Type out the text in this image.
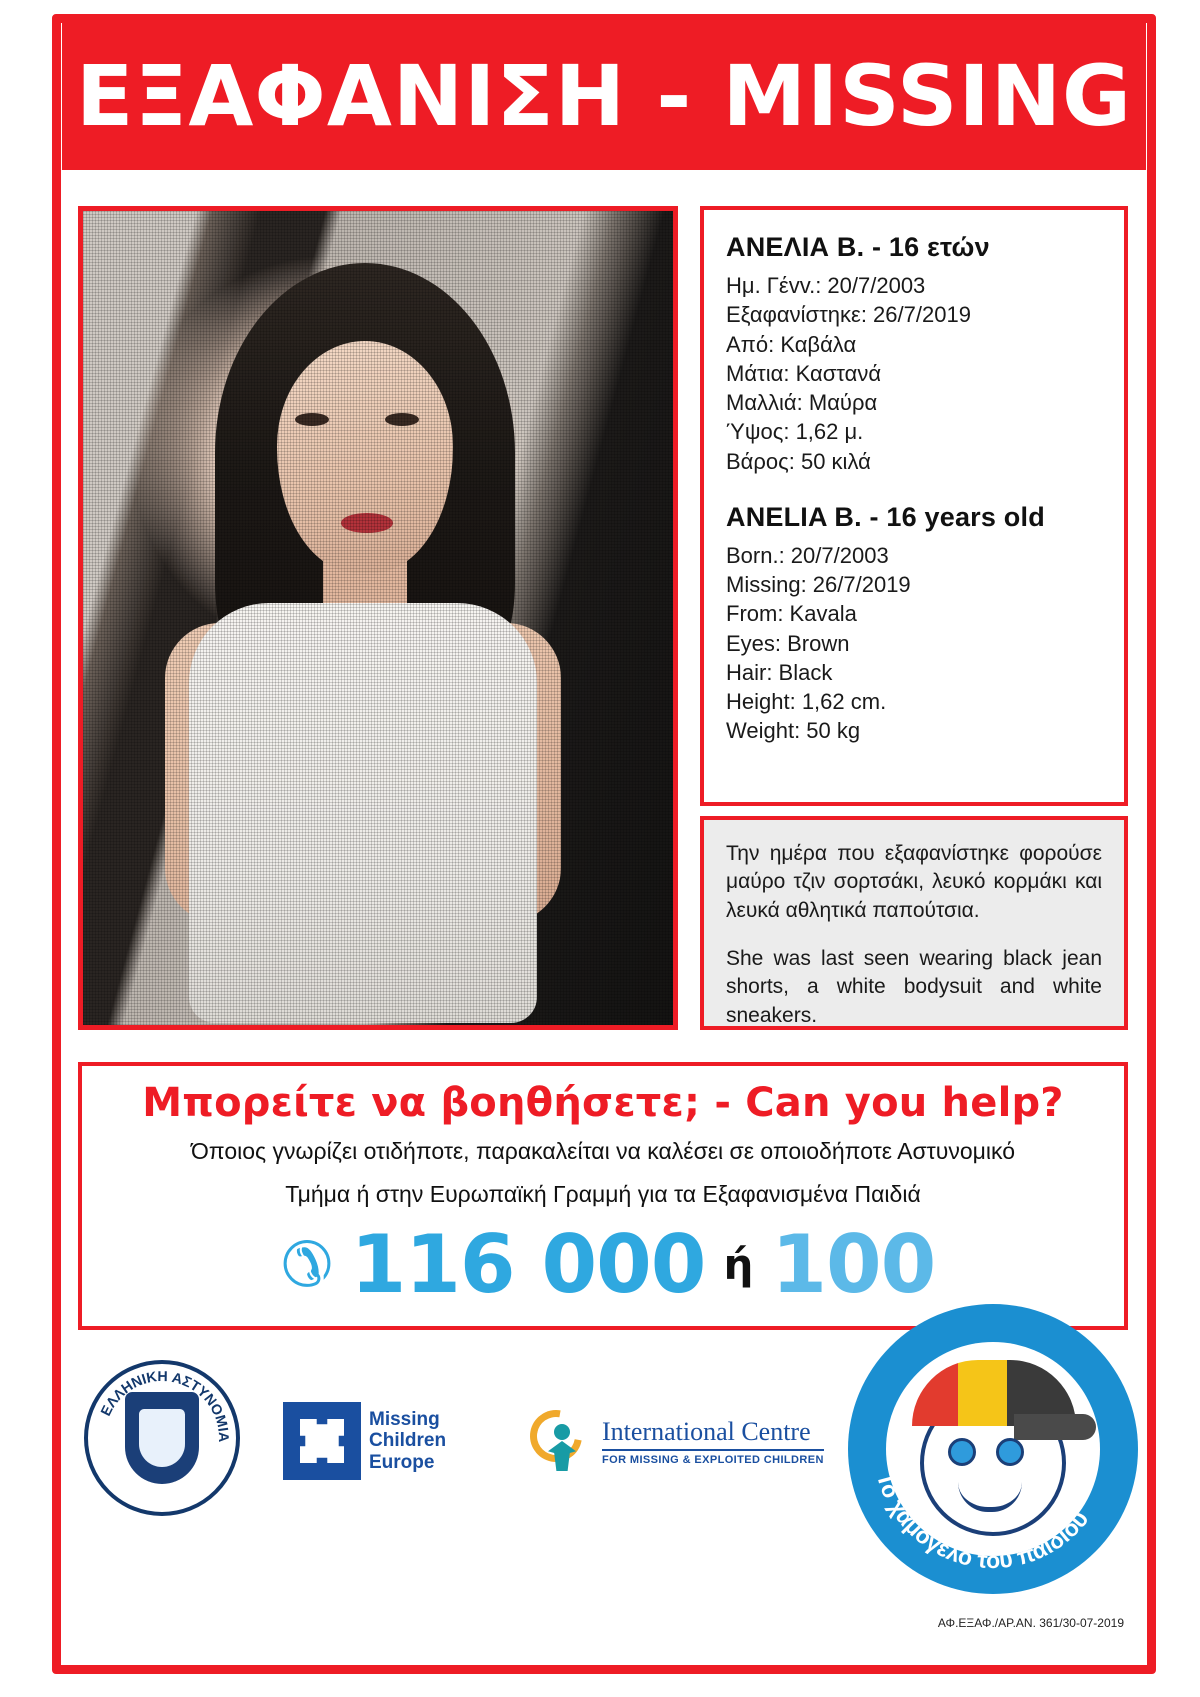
ΕΞΑΦΑΝΙΣΗ - MISSING
ΑΝΕΛΙΑ Β. - 16 ετών
Ημ. Γέvv.: 20/7/2003
Εξαφανίστηκε: 26/7/2019
Από: Καβάλα
Μάτια: Καστανά
Μαλλιά: Μαύρα
Ύψος: 1,62 μ.
Βάρος: 50 κιλά
ANELIA B. - 16 years old
Born.: 20/7/2003
Missing: 26/7/2019
From: Kavala
Eyes: Brown
Hair: Black
Height: 1,62 cm.
Weight: 50 kg
Την ημέρα που εξαφανίστηκε φορούσε μαύρο τζιν σορτσάκι, λευκό κορμάκι και λευκά αθλητικά παπούτσια.
She was last seen wearing black jean shorts, a white bodysuit and white sneakers.
Μπορείτε να βοηθήσετε; - Can you help?
Όποιος γνωρίζει οτιδήποτε, παρακαλείται να καλέσει σε οποιοδήποτε Αστυνομικό
Τμήμα ή στην Ευρωπαϊκή Γραμμή για τα Εξαφανισμένα Παιδιά
✆ 116 000 ή 100
ΕΛΛΗΝΙΚΗ ΑΣΤΥΝΟΜΙΑ
Missing
Children
Europe
International Centre
FOR MISSING & EXPLOITED CHILDREN
Το χαμόγελο του παιδιού
ΑΦ.ΕΞΑΦ./AP.AN. 361/30-07-2019
